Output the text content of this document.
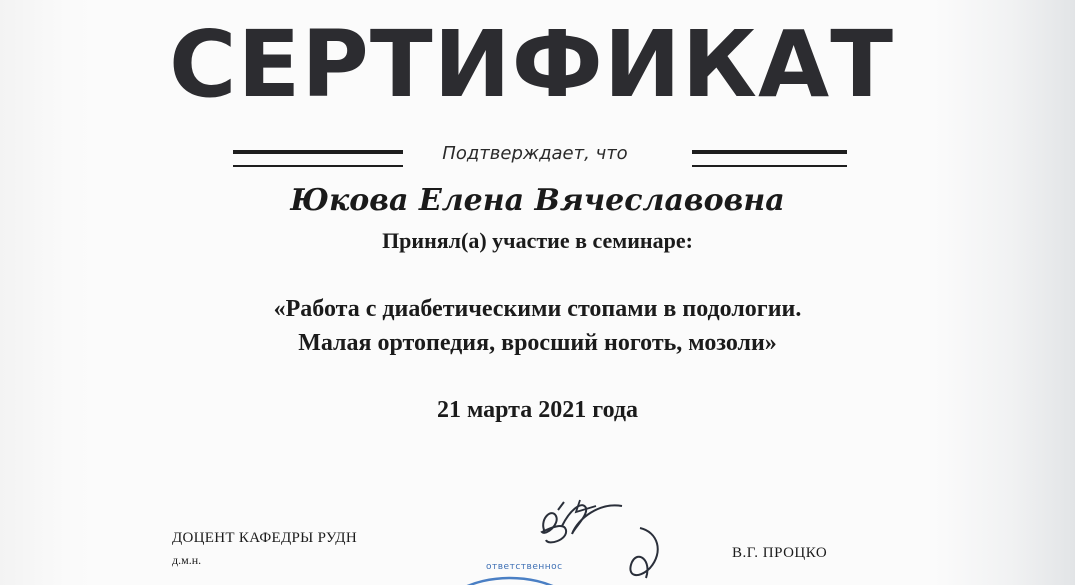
СЕРТИФИКАТ
Подтверждает, что
Юкова Елена Вячеславовна
Принял(а) участие в семинаре:
«Работа с диабетическими стопами в подологии.
Малая ортопедия, вросший ноготь, мозоли»
21 марта 2021 года
ДОЦЕНТ КАФЕДРЫ РУДН
д.м.н.	ответственнос
В.Г. ПРОЦКО
